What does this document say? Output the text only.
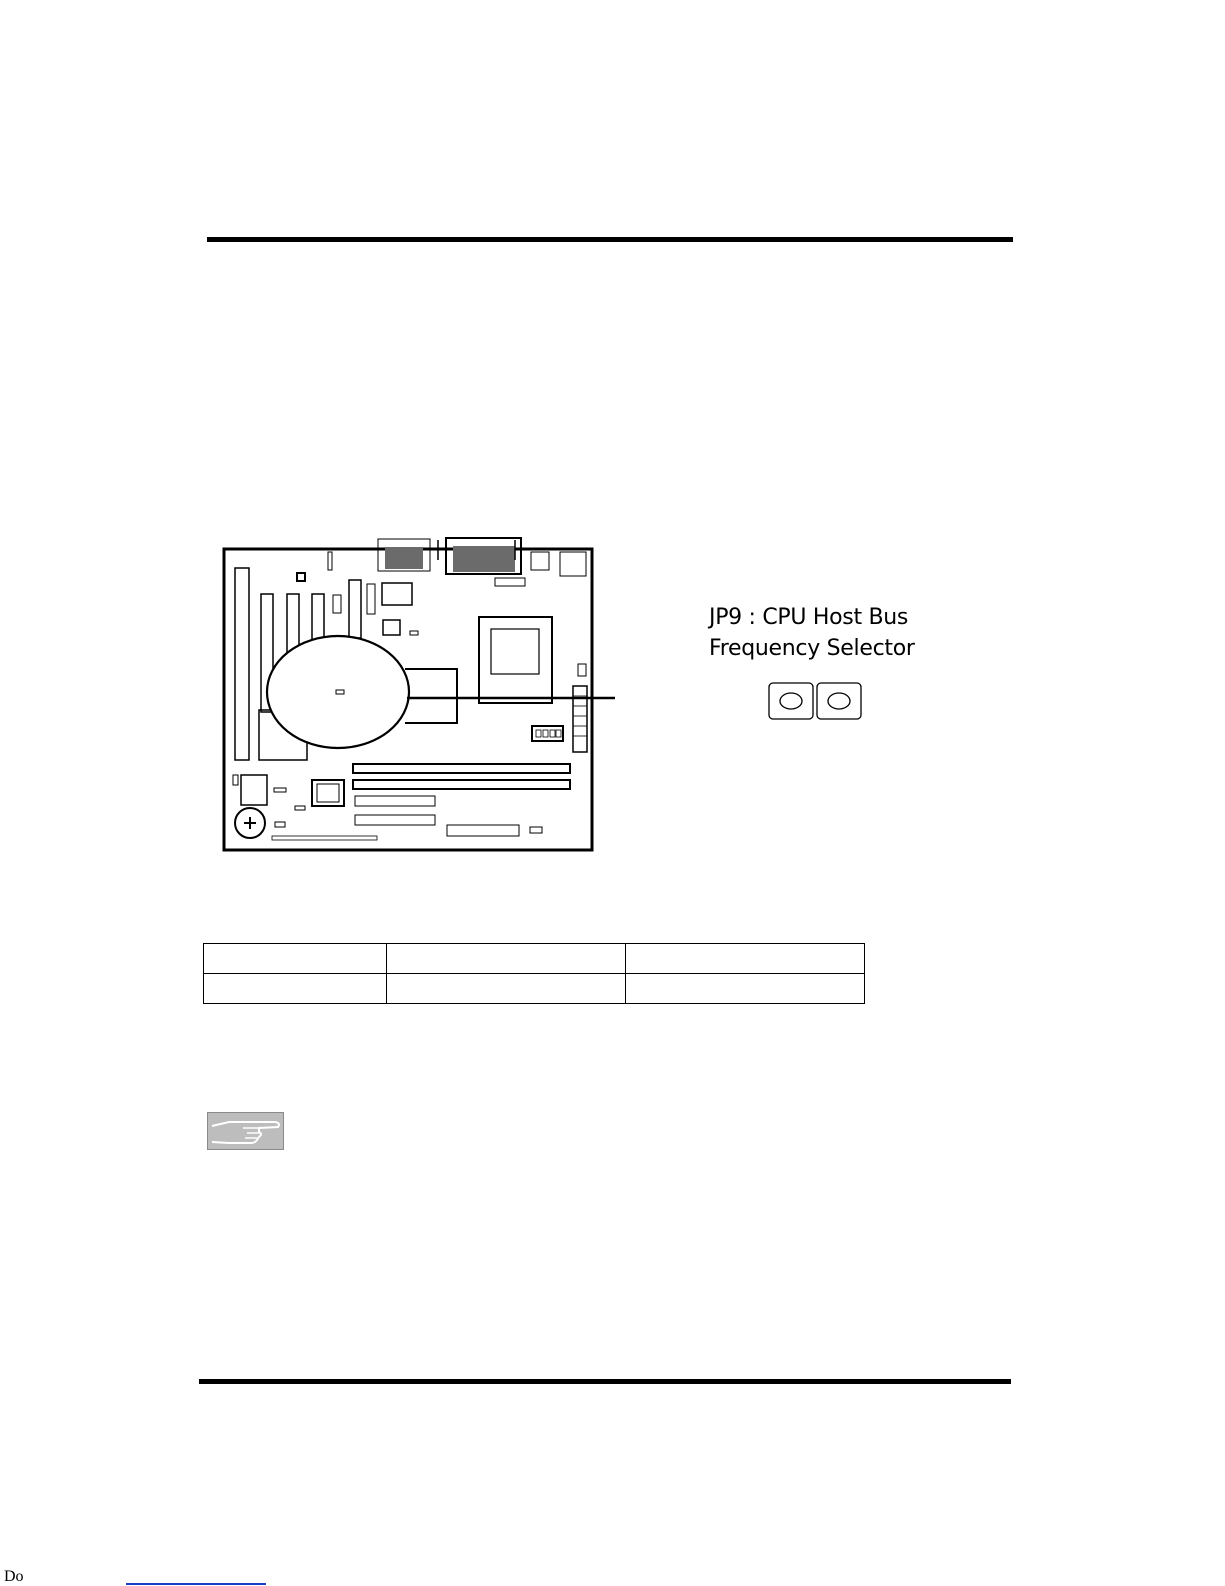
JP9 : CPU Host Bus
Frequency Selector

Do
